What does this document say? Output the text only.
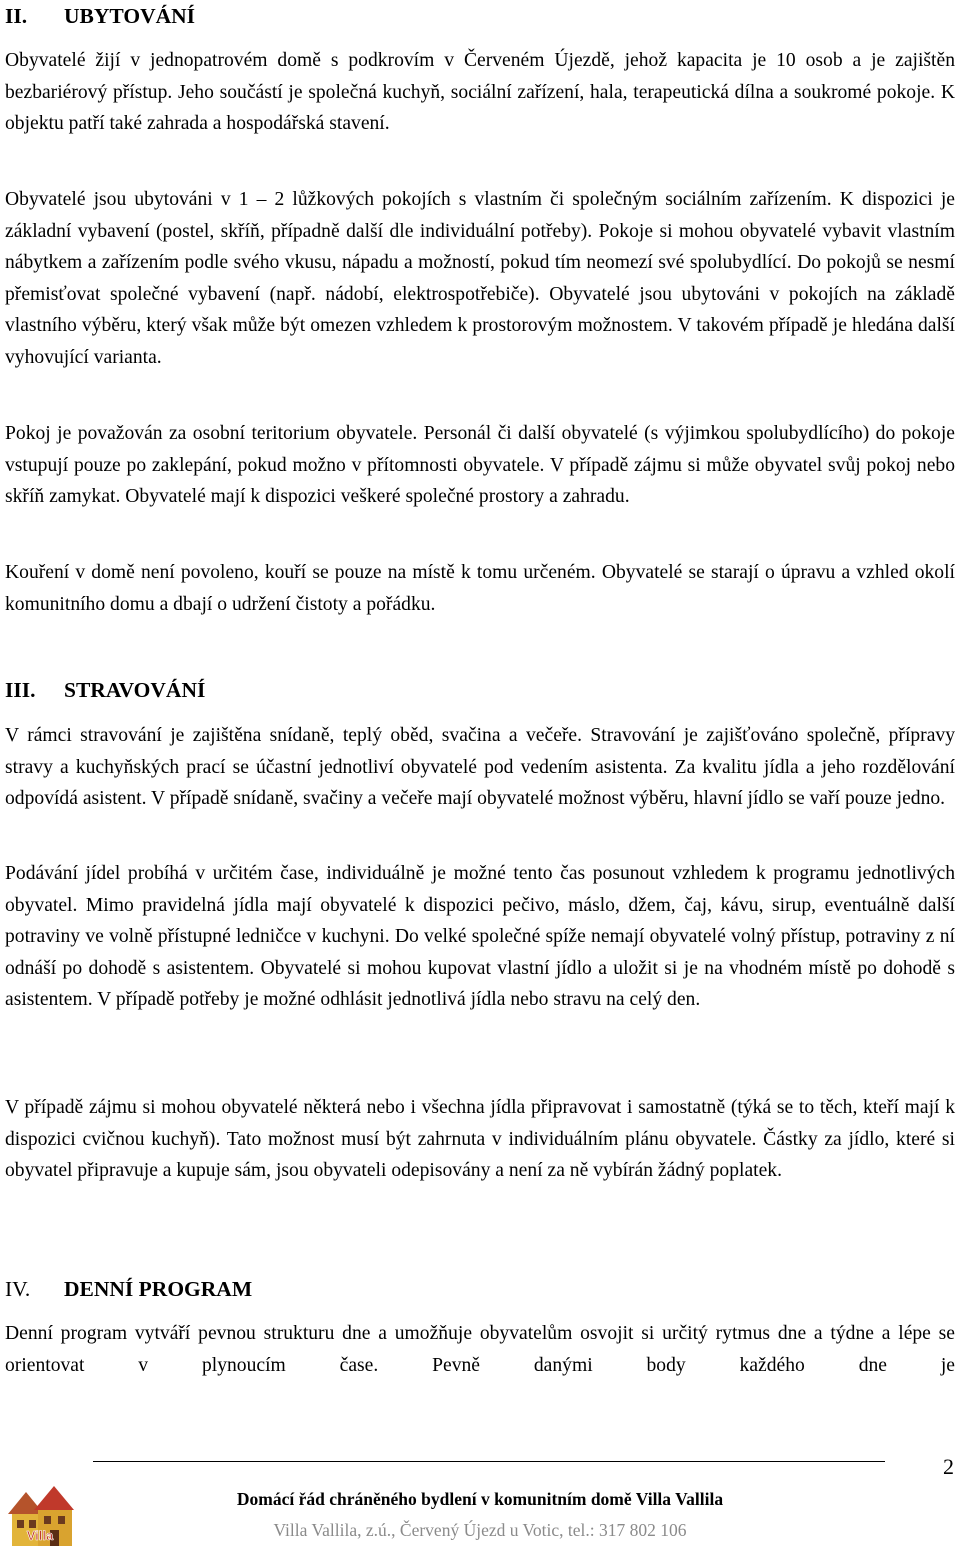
II. UBYTOVÁNÍ

Obyvatelé žijí v jednopatrovém domě s podkrovím v Červeném Újezdě, jehož kapacita je 10 osob a je zajištěn bezbariérový přístup. Jeho součástí je společná kuchyň, sociální zařízení, hala, terapeutická dílna a soukromé pokoje. K objektu patří také zahrada a hospodářská stavení.

Obyvatelé jsou ubytováni v 1 – 2 lůžkových pokojích s vlastním či společným sociálním zařízením. K dispozici je základní vybavení (postel, skříň, případně další dle individuální potřeby). Pokoje si mohou obyvatelé vybavit vlastním nábytkem a zařízením podle svého vkusu, nápadu a možností, pokud tím neomezí své spolubydlící. Do pokojů se nesmí přemisťovat společné vybavení (např. nádobí, elektrospotřebiče). Obyvatelé jsou ubytováni v pokojích na základě vlastního výběru, který však může být omezen vzhledem k prostorovým možnostem. V takovém případě je hledána další vyhovující varianta.

Pokoj je považován za osobní teritorium obyvatele. Personál či další obyvatelé (s výjimkou spolubydlícího) do pokoje vstupují pouze po zaklepání, pokud možno v přítomnosti obyvatele. V případě zájmu si může obyvatel svůj pokoj nebo skříň zamykat. Obyvatelé mají k dispozici veškeré společné prostory a zahradu.

Kouření v domě není povoleno, kouří se pouze na místě k tomu určeném. Obyvatelé se starají o úpravu a vzhled okolí komunitního domu a dbají o udržení čistoty a pořádku.

III. STRAVOVÁNÍ

V rámci stravování je zajištěna snídaně, teplý oběd, svačina a večeře. Stravování je zajišťováno společně, přípravy stravy a kuchyňských prací se účastní jednotliví obyvatelé pod vedením asistenta. Za kvalitu jídla a jeho rozdělování odpovídá asistent. V případě snídaně, svačiny a večeře mají obyvatelé možnost výběru, hlavní jídlo se vaří pouze jedno.

Podávání jídel probíhá v určitém čase, individuálně je možné tento čas posunout vzhledem k programu jednotlivých obyvatel. Mimo pravidelná jídla mají obyvatelé k dispozici pečivo, máslo, džem, čaj, kávu, sirup, eventuálně další potraviny ve volně přístupné ledničce v kuchyni. Do velké společné spíže nemají obyvatelé volný přístup, potraviny z ní odnáší po dohodě s asistentem. Obyvatelé si mohou kupovat vlastní jídlo a uložit si je na vhodném místě po dohodě s asistentem. V případě potřeby je možné odhlásit jednotlivá jídla nebo stravu na celý den.

V případě zájmu si mohou obyvatelé některá nebo i všechna jídla připravovat i samostatně (týká se to těch, kteří mají k dispozici cvičnou kuchyň). Tato možnost musí být zahrnuta v individuálním plánu obyvatele. Částky za jídlo, které si obyvatel připravuje a kupuje sám, jsou obyvateli odepisovány a není za ně vybírán žádný poplatek.

IV. DENNÍ PROGRAM

Denní program vytváří pevnou strukturu dne a umožňuje obyvatelům osvojit si určitý rytmus dne a týdne a lépe se orientovat v plynoucím čase. Pevně danými body každého dne je

2
Villa
Domácí řád chráněného bydlení v komunitním domě Villa Vallila
Villa Vallila, z.ú., Červený Újezd u Votic, tel.: 317 802 106
